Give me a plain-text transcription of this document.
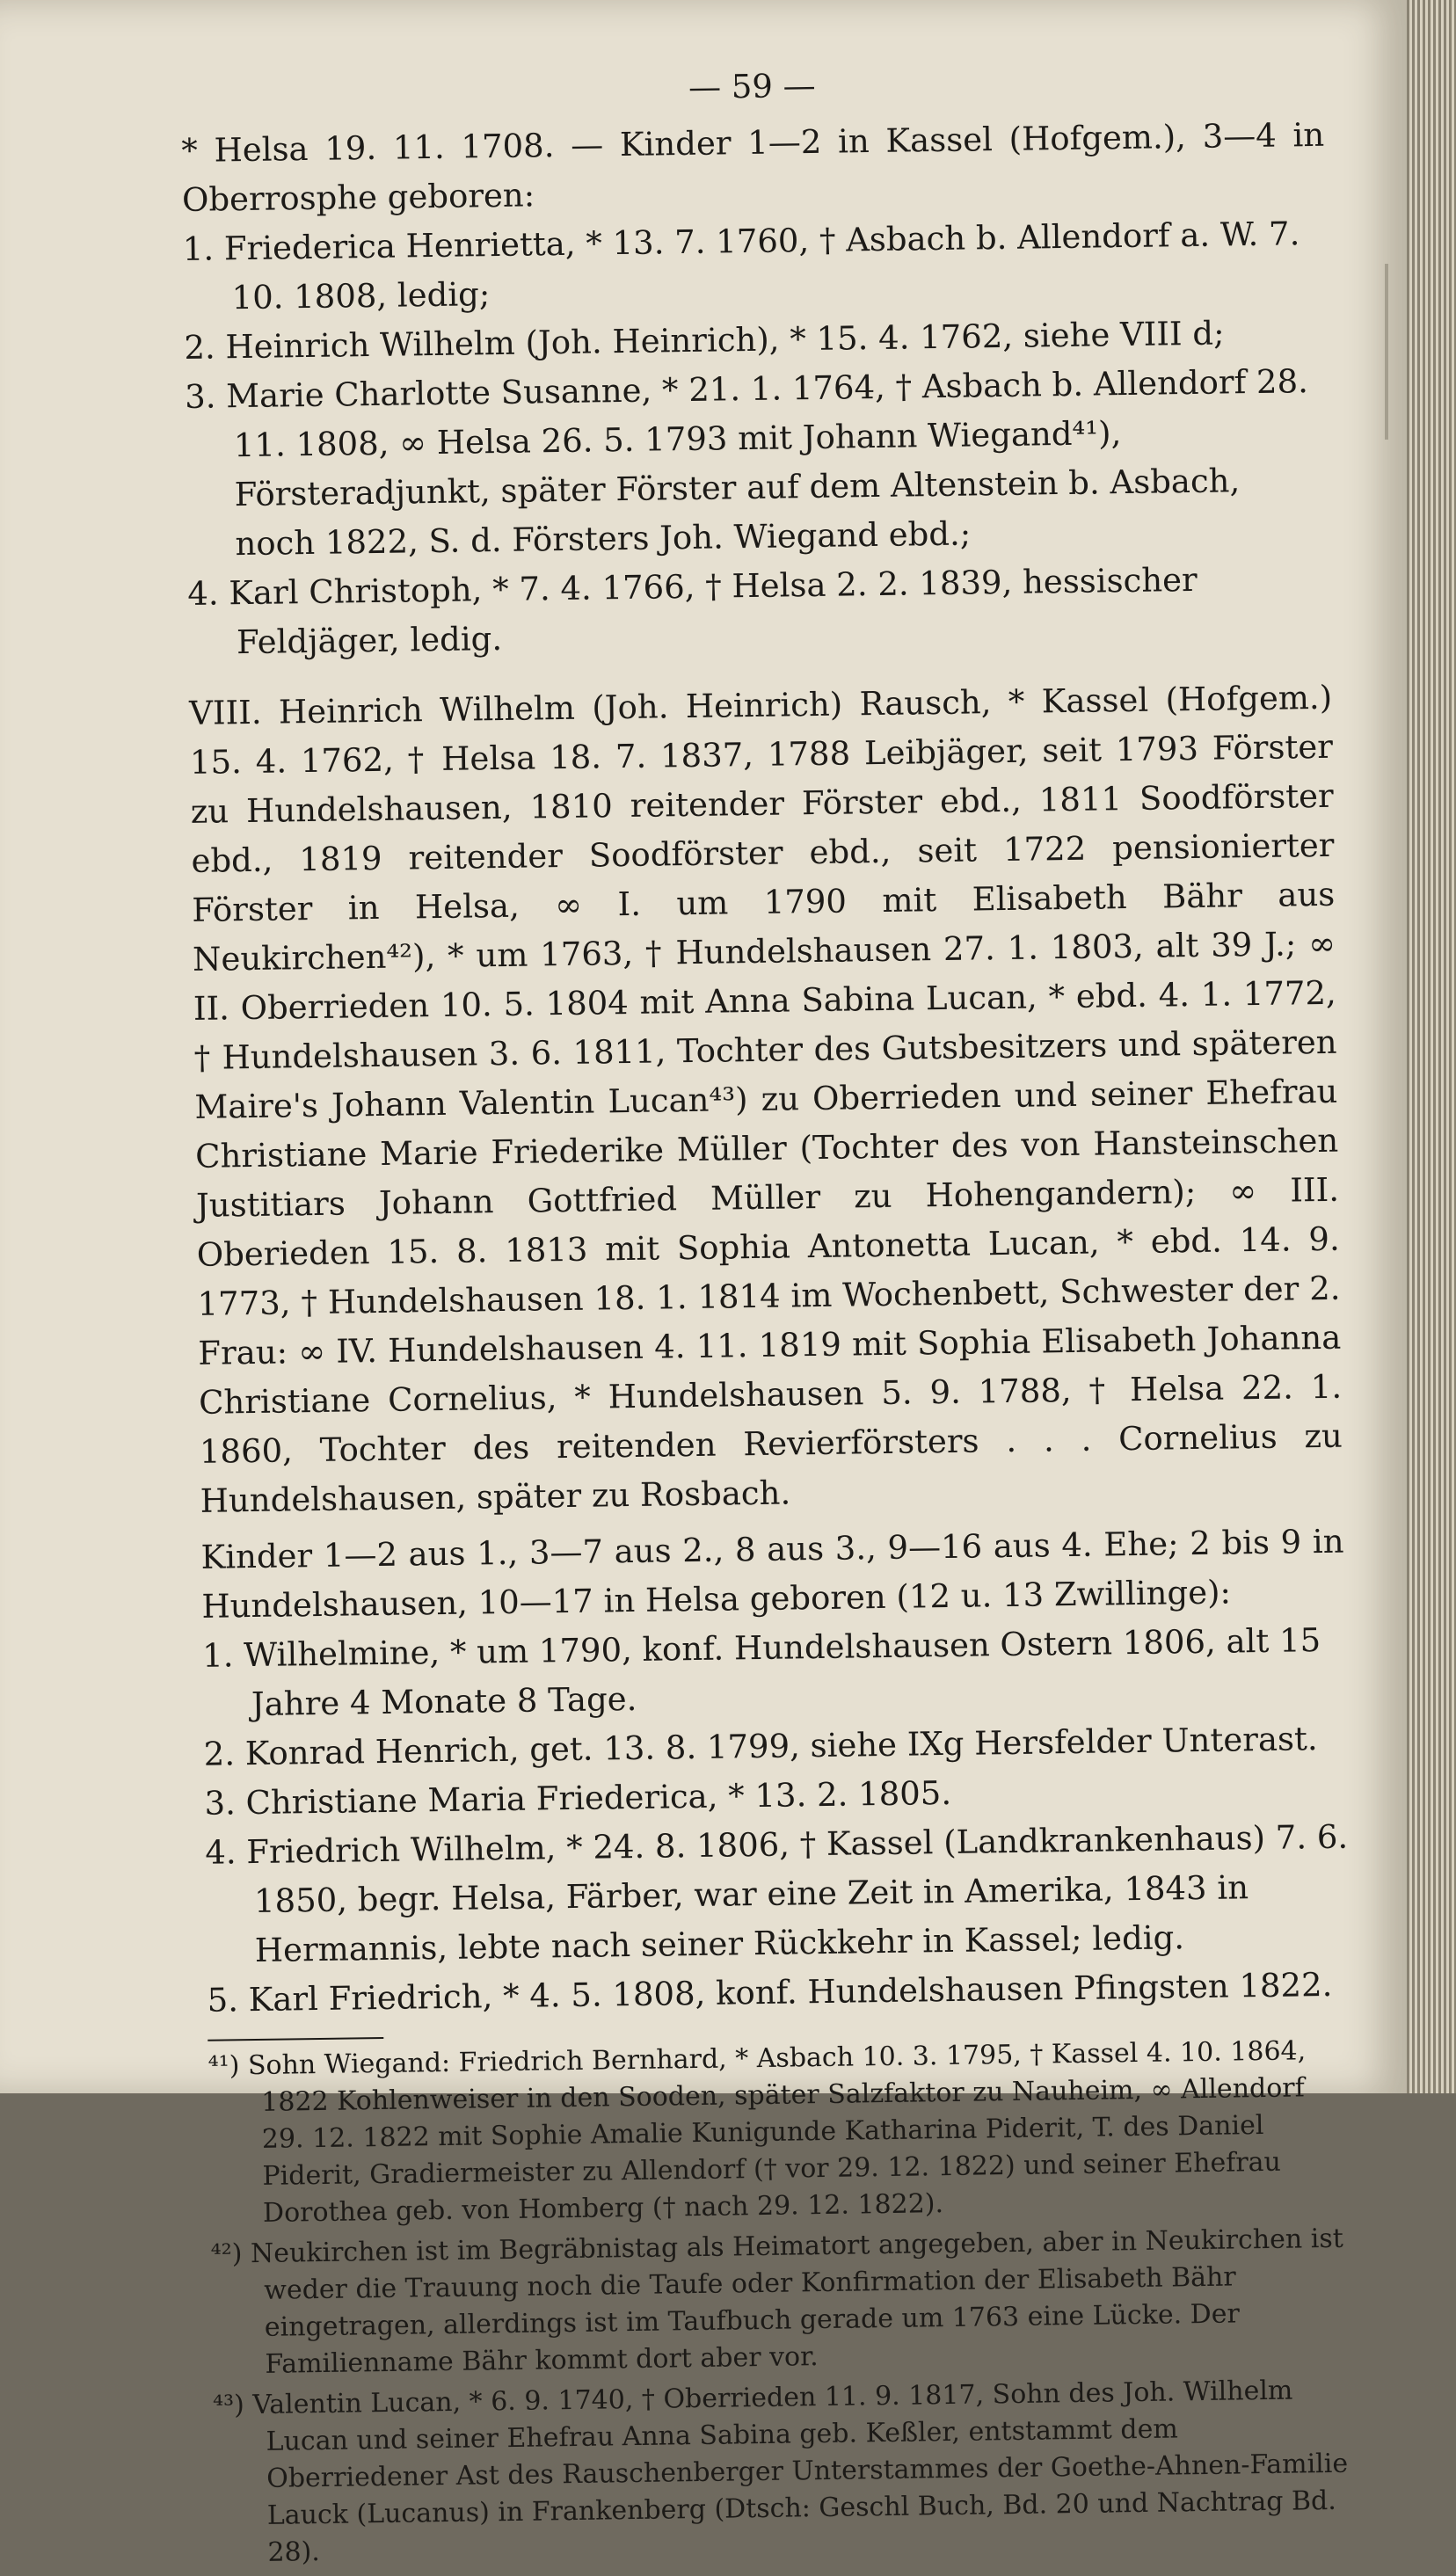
— 59 —
* Helsa 19. 11. 1708. — Kinder 1—2 in Kassel (Hofgem.), 3—4 in Oberrosphe geboren:
1. Friederica Henrietta, * 13. 7. 1760, † Asbach b. Allendorf a. W. 7. 10. 1808, ledig;
2. Heinrich Wilhelm (Joh. Heinrich), * 15. 4. 1762, siehe VIII d;
3. Marie Charlotte Susanne, * 21. 1. 1764, † Asbach b. Allendorf 28. 11. 1808, ∞ Helsa 26. 5. 1793 mit Johann Wiegand⁴¹), Försteradjunkt, später Förster auf dem Altenstein b. Asbach, noch 1822, S. d. Försters Joh. Wiegand ebd.;
4. Karl Christoph, * 7. 4. 1766, † Helsa 2. 2. 1839, hessischer Feldjäger, ledig.
VIII. Heinrich Wilhelm (Joh. Heinrich) Rausch, * Kassel (Hofgem.) 15. 4. 1762, † Helsa 18. 7. 1837, 1788 Leibjäger, seit 1793 Förster zu Hundelshausen, 1810 reitender Förster ebd., 1811 Soodförster ebd., 1819 reitender Soodförster ebd., seit 1722 pensionierter Förster in Helsa, ∞ I. um 1790 mit Elisabeth Bähr aus Neukirchen⁴²), * um 1763, † Hundelshausen 27. 1. 1803, alt 39 J.; ∞ II. Oberrieden 10. 5. 1804 mit Anna Sabina Lucan, * ebd. 4. 1. 1772, † Hundelshausen 3. 6. 1811, Tochter des Gutsbesitzers und späteren Maire's Johann Valentin Lucan⁴³) zu Oberrieden und seiner Ehefrau Christiane Marie Friederike Müller (Tochter des von Hansteinschen Justitiars Johann Gottfried Müller zu Hohengandern); ∞ III. Oberieden 15. 8. 1813 mit Sophia Antonetta Lucan, * ebd. 14. 9. 1773, † Hundelshausen 18. 1. 1814 im Wochenbett, Schwester der 2. Frau: ∞ IV. Hundelshausen 4. 11. 1819 mit Sophia Elisabeth Johanna Christiane Cornelius, * Hundelshausen 5. 9. 1788, † Helsa 22. 1. 1860, Tochter des reitenden Revierförsters . . . Cornelius zu Hundelshausen, später zu Rosbach.
Kinder 1—2 aus 1., 3—7 aus 2., 8 aus 3., 9—16 aus 4. Ehe; 2 bis 9 in Hundelshausen, 10—17 in Helsa geboren (12 u. 13 Zwillinge):
1. Wilhelmine, * um 1790, konf. Hundelshausen Ostern 1806, alt 15 Jahre 4 Monate 8 Tage.
2. Konrad Henrich, get. 13. 8. 1799, siehe IXg Hersfelder Unterast.
3. Christiane Maria Friederica, * 13. 2. 1805.
4. Friedrich Wilhelm, * 24. 8. 1806, † Kassel (Landkrankenhaus) 7. 6. 1850, begr. Helsa, Färber, war eine Zeit in Amerika, 1843 in Hermannis, lebte nach seiner Rückkehr in Kassel; ledig.
5. Karl Friedrich, * 4. 5. 1808, konf. Hundelshausen Pfingsten 1822.
⁴¹) Sohn Wiegand: Friedrich Bernhard, * Asbach 10. 3. 1795, † Kassel 4. 10. 1864, 1822 Kohlenweiser in den Sooden, später Salzfaktor zu Nauheim, ∞ Allendorf 29. 12. 1822 mit Sophie Amalie Kunigunde Katharina Piderit, T. des Daniel Piderit, Gradiermeister zu Allendorf († vor 29. 12. 1822) und seiner Ehefrau Dorothea geb. von Homberg († nach 29. 12. 1822).
⁴²) Neukirchen ist im Begräbnistag als Heimatort angegeben, aber in Neukirchen ist weder die Trauung noch die Taufe oder Konfirmation der Elisabeth Bähr eingetragen, allerdings ist im Taufbuch gerade um 1763 eine Lücke. Der Familienname Bähr kommt dort aber vor.
⁴³) Valentin Lucan, * 6. 9. 1740, † Oberrieden 11. 9. 1817, Sohn des Joh. Wilhelm Lucan und seiner Ehefrau Anna Sabina geb. Keßler, entstammt dem Oberriedener Ast des Rauschenberger Unterstammes der Goethe-Ahnen-Familie Lauck (Lucanus) in Frankenberg (Dtsch: Geschl Buch, Bd. 20 und Nachtrag Bd. 28).
